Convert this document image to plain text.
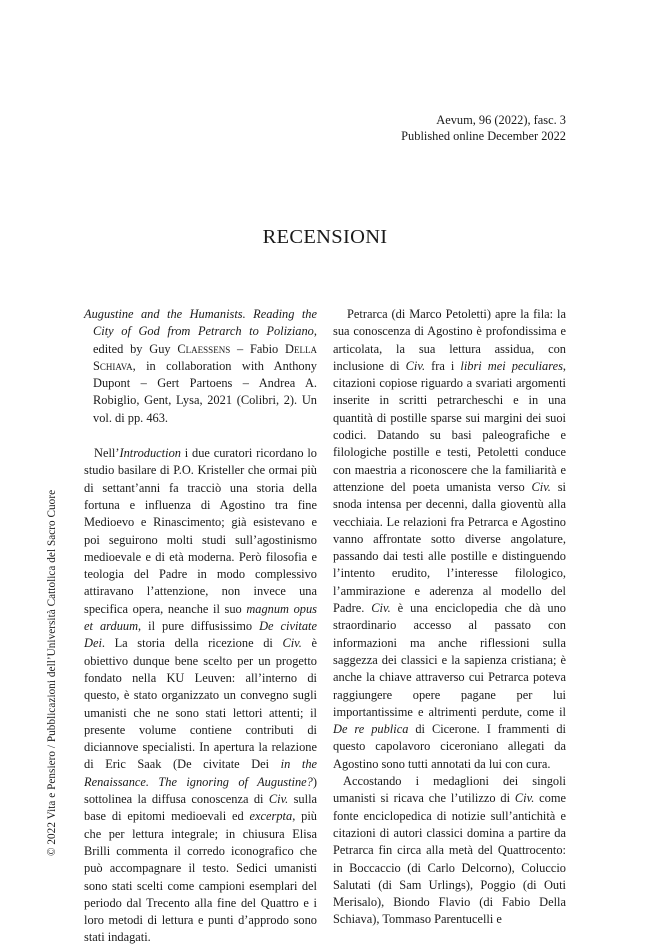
Aevum, 96 (2022), fasc. 3
Published online December 2022
RECENSIONI

Augustine and the Humanists. Reading the City of God from Petrarch to Poliziano, edited by Guy Claessens – Fabio Della Schiava, in collaboration with Anthony Dupont – Gert Partoens – Andrea A. Robiglio, Gent, Lysa, 2021 (Colibri, 2). Un vol. di pp. 463.

Nell’Introduction i due curatori ricordano lo studio basilare di P.O. Kristeller che ormai più di settant’anni fa tracciò una storia della fortuna e influenza di Agostino tra fine Medioevo e Rinascimento; già esistevano e poi seguirono molti studi sull’agostinismo medioevale e di età moderna. Però filosofia e teologia del Padre in modo complessivo attiravano l’attenzione, non invece una specifica opera, neanche il suo magnum opus et arduum, il pure diffusissimo De civitate Dei. La storia della ricezione di Civ. è obiettivo dunque bene scelto per un progetto fondato nella KU Leuven: all’interno di questo, è stato organizzato un convegno sugli umanisti che ne sono stati lettori attenti; il presente volume contiene contributi di diciannove specialisti. In apertura la relazione di Eric Saak (De civitate Dei in the Renaissance. The ignoring of Augustine?) sottolinea la diffusa conoscenza di Civ. sulla base di epitomi medioevali ed excerpta, più che per lettura integrale; in chiusura Elisa Brilli commenta il corredo iconografico che può accompagnare il testo. Sedici umanisti sono stati scelti come campioni esemplari del periodo dal Trecento alla fine del Quattro e i loro metodi di lettura e punti d’approdo sono stati indagati.

Petrarca (di Marco Petoletti) apre la fila: la sua conoscenza di Agostino è profondissima e articolata, la sua lettura assidua, con inclusione di Civ. fra i libri mei peculiares, citazioni copiose riguardo a svariati argomenti inserite in scritti petrarcheschi e in una quantità di postille sparse sui margini dei suoi codici. Datando su basi paleografiche e filologiche postille e testi, Petoletti conduce con maestria a riconoscere che la familiarità e attenzione del poeta umanista verso Civ. si snoda intensa per decenni, dalla gioventù alla vecchiaia. Le relazioni fra Petrarca e Agostino vanno affrontate sotto diverse angolature, passando dai testi alle postille e distinguendo l’intento erudito, l’interesse filologico, l’ammirazione e aderenza al modello del Padre. Civ. è una enciclopedia che dà uno straordinario accesso al passato con informazioni ma anche riflessioni sulla saggezza dei classici e la sapienza cristiana; è anche la chiave attraverso cui Petrarca poteva raggiungere opere pagane per lui importantissime e altrimenti perdute, come il De re publica di Cicerone. I frammenti di questo capolavoro ciceroniano allegati da Agostino sono tutti annotati da lui con cura.

Accostando i medaglioni dei singoli umanisti si ricava che l’utilizzo di Civ. come fonte enciclopedica di notizie sull’antichità e citazioni di autori classici domina a partire da Petrarca fin circa alla metà del Quattrocento: in Boccaccio (di Carlo Delcorno), Coluccio Salutati (di Sam Urlings), Poggio (di Outi Merisalo), Biondo Flavio (di Fabio Della Schiava), Tommaso Parentucelli e

© 2022 Vita e Pensiero / Pubblicazioni dell’Università Cattolica del Sacro Cuore
